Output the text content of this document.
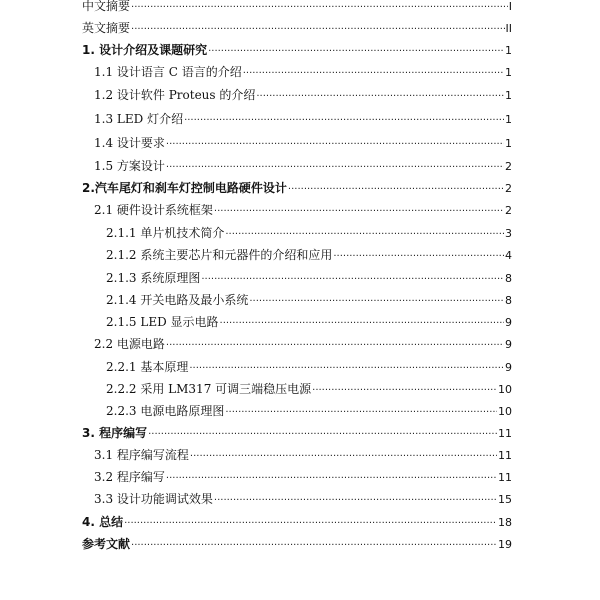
中文摘要 ·····	I
英文摘要 ·····	II
1. 设计介绍及课题研究 ·····	1
1.1 设计语言 C 语言的介绍 ·····	1
1.2 设计软件 Proteus 的介绍 ·····	1
1.3 LED 灯介绍 ·····	1
1.4 设计要求 ·····	1
1.5 方案设计 ·····	2
2.汽车尾灯和刹车灯控制电路硬件设计 ·····	2
2.1 硬件设计系统框架 ·····	2
2.1.1 单片机技术简介 ·····	3
2.1.2 系统主要芯片和元器件的介绍和应用 ·····	4
2.1.3 系统原理图 ·····	8
2.1.4 开关电路及最小系统 ·····	8
2.1.5 LED 显示电路 ·····	9
2.2 电源电路 ·····	9
2.2.1 基本原理 ·····	9
2.2.2 采用 LM317 可调三端稳压电源 ·····	10
2.2.3 电源电路原理图 ·····	10
3. 程序编写 ·····	11
3.1 程序编写流程 ·····	11
3.2 程序编写 ·····	11
3.3 设计功能调试效果 ·····	15
4. 总结 ·····	18
参考文献 ·····	19
